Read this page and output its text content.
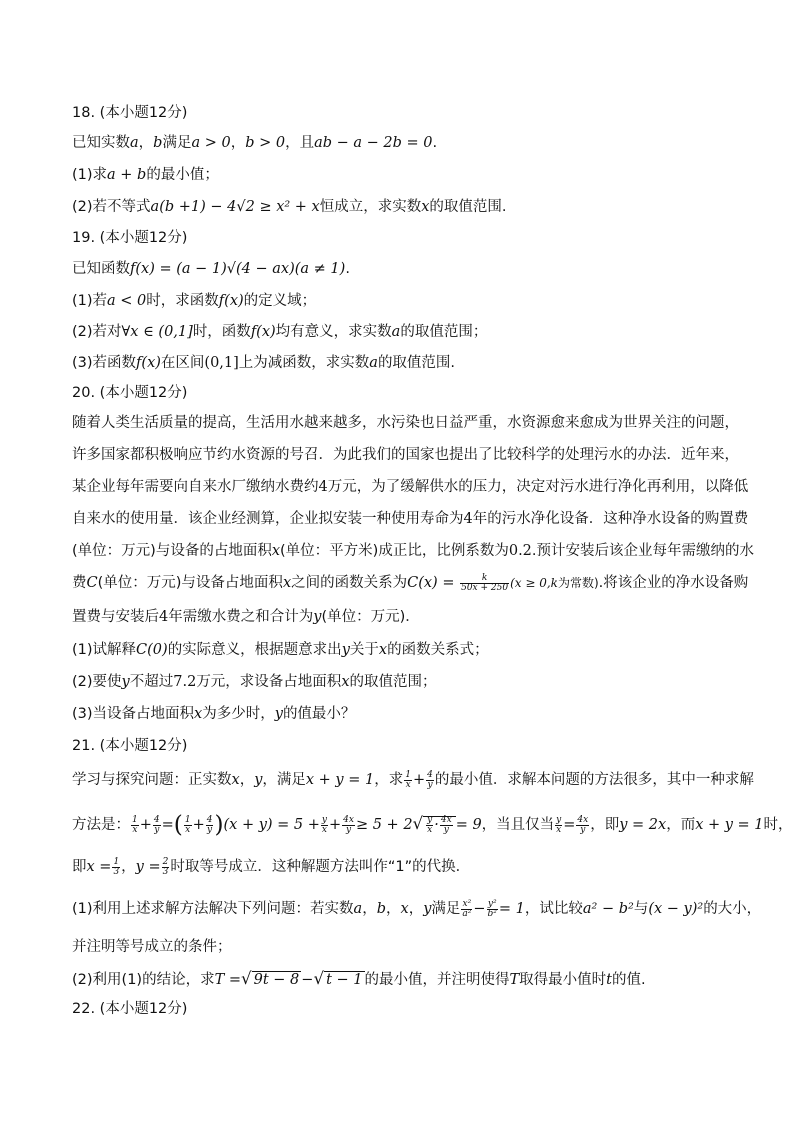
18. (本小题12分)
已知实数a，b满足a > 0，b > 0，且ab − a − 2b = 0.
(1)求a + b的最小值；
(2)若不等式a(b +1) − 4√2 ≥ x² + x恒成立，求实数x的取值范围.
19. (本小题12分)
已知函数f(x) = (a − 1)√(4 − ax)(a ≠ 1).
(1)若a < 0时，求函数f(x)的定义域；
(2)若对∀x ∈ (0,1]时，函数f(x)均有意义，求实数a的取值范围；
(3)若函数f(x)在区间(0,1]上为减函数，求实数a的取值范围.
20. (本小题12分)
随着人类生活质量的提高，生活用水越来越多，水污染也日益严重，水资源愈来愈成为世界关注的问题，
许多国家都积极响应节约水资源的号召．为此我们的国家也提出了比较科学的处理污水的办法．近年来，
某企业每年需要向自来水厂缴纳水费约4万元，为了缓解供水的压力，决定对污水进行净化再利用，以降低
自来水的使用量．该企业经测算，企业拟安装一种使用寿命为4年的污水净化设备．这种净水设备的购置费
(单位：万元)与设备的占地面积x(单位：平方米)成正比，比例系数为0.2.预计安装后该企业每年需缴纳的水
费C(单位：万元)与设备占地面积x之间的函数关系为$C(x) = \frac{k}{50x + 250} (x \ge 0,k$为常数).将该企业的净水设备购
置费与安装后4年需缴水费之和合计为y(单位：万元)．
(1)试解释C(0)的实际意义，根据题意求出y关于x的函数关系式；
(2)要使y不超过7.2万元，求设备占地面积x的取值范围；
(3)当设备占地面积x为多少时，y的值最小？
21. (本小题12分)
学习与探究问题：正实数x，y，满足x + y = 1，求 $\frac{1}{x} + \frac{4}{y}$ 的最小值．求解本问题的方法很多，其中一种求解
方法是： $\frac{1}{x} + \frac{4}{y}$ =( $\frac{1}{x} + \frac{4}{y} )(x + y) = 5 + \frac{y}{x} + \frac{4x}{y} \ge 5 + 2√ \frac{y}{x} \cdot \frac{4x}{y} = 9$，当且仅当 $\frac{y}{x} = \frac{4x}{y}$ ，即y = 2x，而x + y = 1时，
即$x = \frac{1}{3}$ ，$y = \frac{2}{3}$ 时取等号成立．这种解题方法叫作“1”的代换．
(1)利用上述求解方法解决下列问题：若实数a，b，x，y满足 $\frac{\text{x²}}{\text{a²}} - \frac{\text{y²}}{\text{b²}} = 1$，试比较a² − b²与(x − y)²的大小，
并注明等号成立的条件；
(2)利用(1)的结论，求T =√ 9t − 8 −√ t − 1 的最小值，并注明使得T取得最小值时t的值.
22. (本小题12分)
